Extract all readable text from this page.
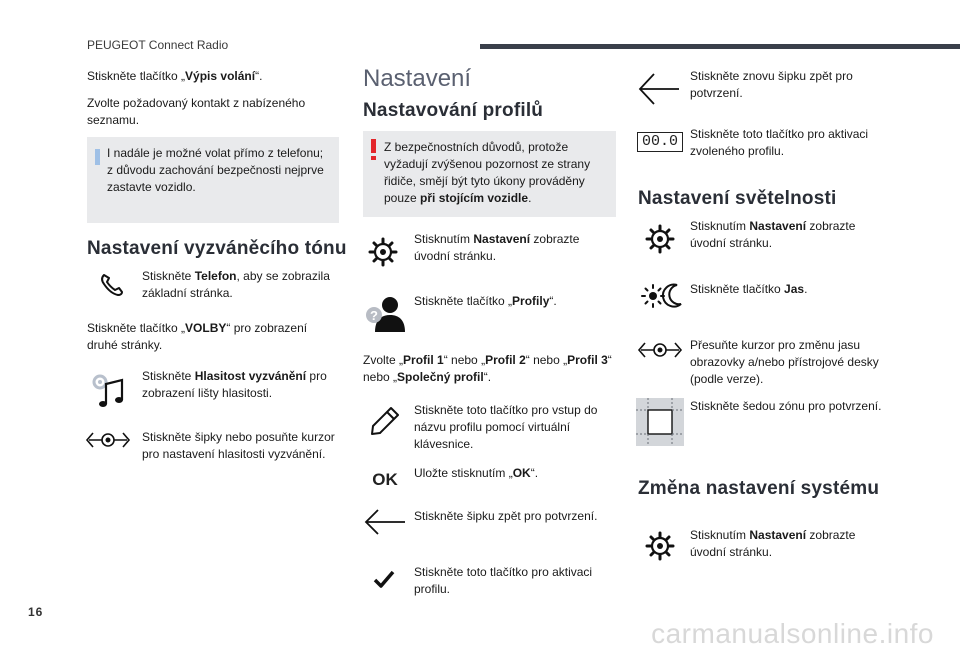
PEUGEOT Connect Radio
Stiskněte tlačítko „Výpis volání“.
Zvolte požadovaný kontakt z nabízeného seznamu.
I nadále je možné volat přímo z telefonu; z důvodu zachování bezpečnosti nejprve zastavte vozidlo.
Nastavení vyzváněcího tónu
Stiskněte Telefon, aby se zobrazila základní stránka.
Stiskněte tlačítko „VOLBY“ pro zobrazení druhé stránky.
Stiskněte Hlasitost vyzvánění pro zobrazení lišty hlasitosti.
Stiskněte šipky nebo posuňte kurzor pro nastavení hlasitosti vyzvánění.
Nastavení
Nastavování profilů
Z bezpečnostních důvodů, protože vyžadují zvýšenou pozornost ze strany řidiče, smějí být tyto úkony prováděny pouze při stojícím vozidle.
Stisknutím Nastavení zobrazte úvodní stránku.
?
Stiskněte tlačítko „Profily“.
Zvolte „Profil 1“ nebo „Profil 2“ nebo „Profil 3“ nebo „Společný profil“.
Stiskněte toto tlačítko pro vstup do názvu profilu pomocí virtuální klávesnice.
OK	Uložte stisknutím „OK“.
Stiskněte šipku zpět pro potvrzení.
Stiskněte toto tlačítko pro aktivaci profilu.
Stiskněte znovu šipku zpět pro potvrzení.
00.0	Stiskněte toto tlačítko pro aktivaci zvoleného profilu.
Nastavení světelnosti
Stisknutím Nastavení zobrazte úvodní stránku.
Stiskněte tlačítko Jas.
Přesuňte kurzor pro změnu jasu obrazovky a/nebo přístrojové desky (podle verze).
Stiskněte šedou zónu pro potvrzení.
Změna nastavení systému
Stisknutím Nastavení zobrazte úvodní stránku.
16
carmanualsonline.info
